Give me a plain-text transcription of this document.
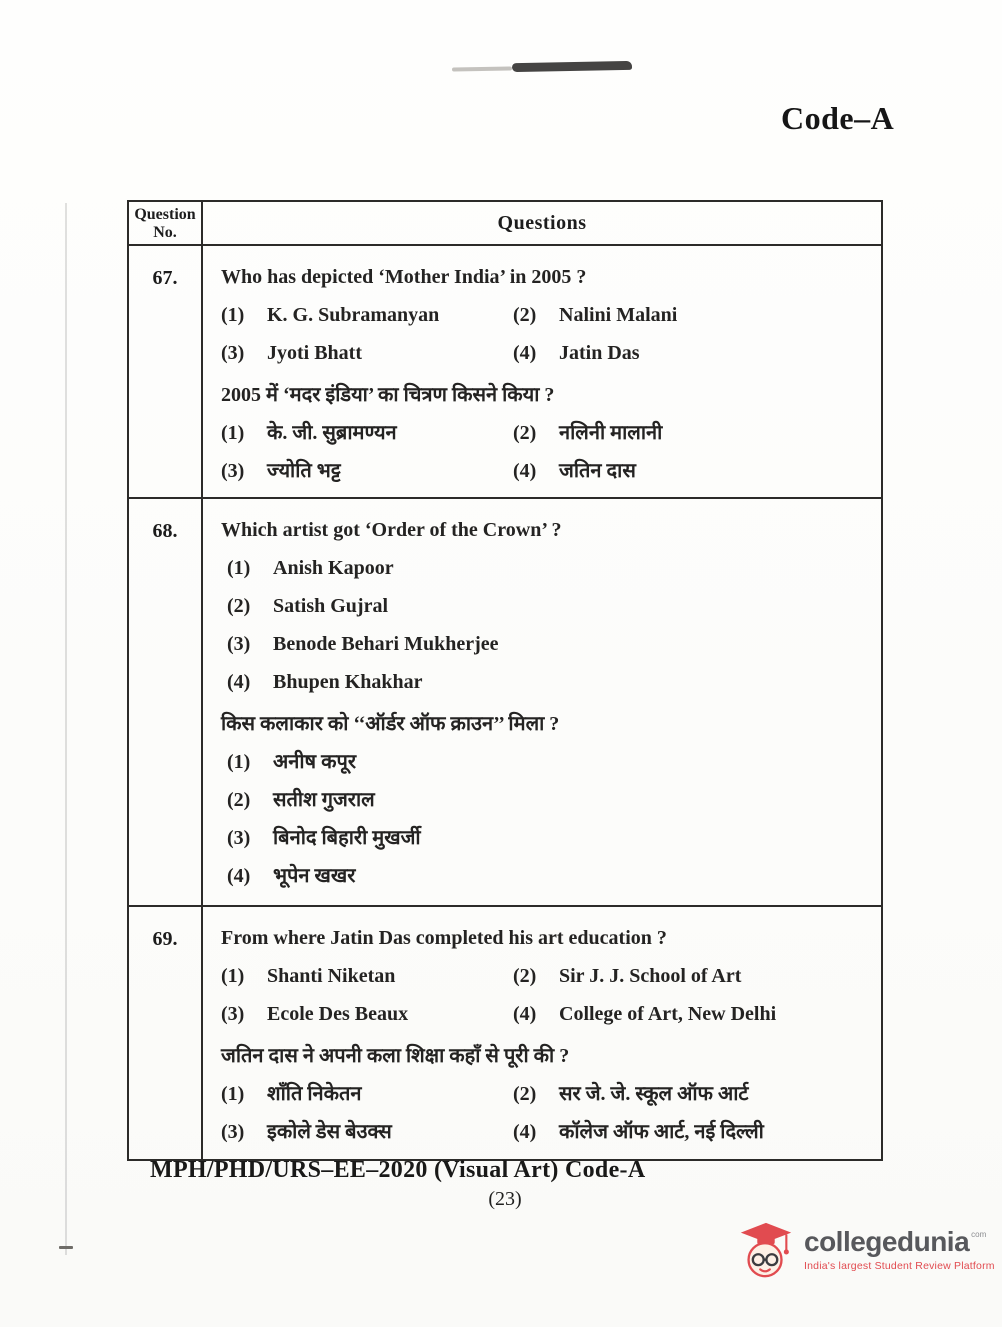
Code–A
Question
No.	Questions
67.	Who has depicted ‘Mother India’ in 2005 ?
(1) K. G. Subramanyan	(2) Nalini Malani
(3) Jyoti Bhatt	(4) Jatin Das
2005 में ‘मदर इंडिया’ का चित्रण किसने किया ?
(1) के. जी. सुब्रामण्यन	(2) नलिनी मालानी
(3) ज्योति भट्ट	(4) जतिन दास
68.	Which artist got ‘Order of the Crown’ ?
(1) Anish Kapoor
(2) Satish Gujral
(3) Benode Behari Mukherjee
(4) Bhupen Khakhar
किस कलाकार को ‘‘ऑर्डर ऑफ क्राउन’’ मिला ?
(1) अनीष कपूर
(2) सतीश गुजराल
(3) बिनोद बिहारी मुखर्जी
(4) भूपेन खखर
69.	From where Jatin Das completed his art education ?
(1) Shanti Niketan	(2) Sir J. J. School of Art
(3) Ecole Des Beaux	(4) College of Art, New Delhi
जतिन दास ने अपनी कला शिक्षा कहाँ से पूरी की ?
(1) शाँति निकेतन	(2) सर जे. जे. स्कूल ऑफ आर्ट
(3) इकोले डेस बेउक्स	(4) कॉलेज ऑफ आर्ट, नई दिल्ली
MPH/PHD/URS–EE–2020 (Visual Art) Code-A
(23)
collegedunia com
India's largest Student Review Platform
